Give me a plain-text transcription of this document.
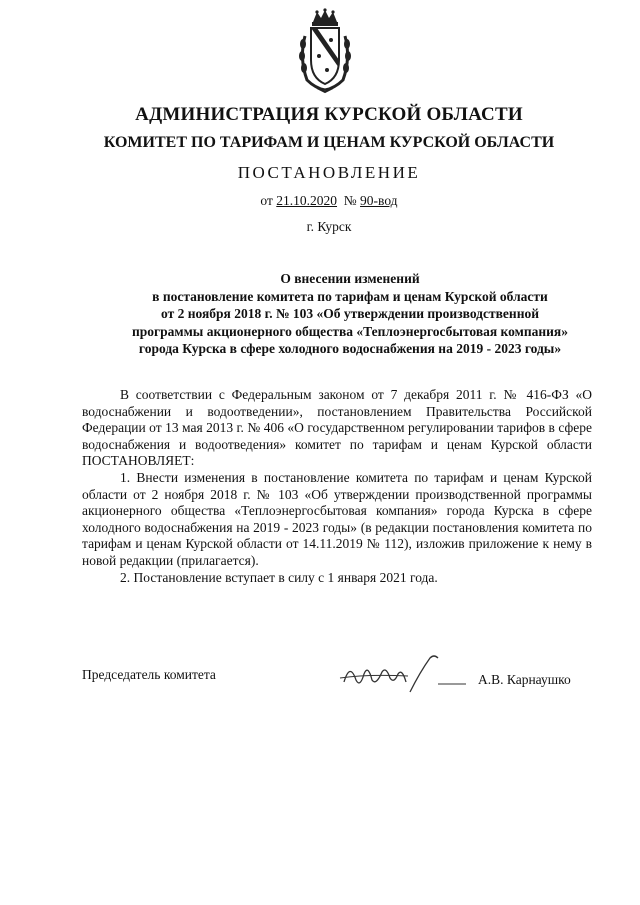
АДМИНИСТРАЦИЯ КУРСКОЙ ОБЛАСТИ
КОМИТЕТ ПО ТАРИФАМ И ЦЕНАМ КУРСКОЙ ОБЛАСТИ
ПОСТАНОВЛЕНИЕ
от 21.10.2020 № 90-вод
г. Курск
О внесении изменений
в постановление комитета по тарифам и ценам Курской области
от 2 ноября 2018 г. № 103 «Об утверждении производственной
программы акционерного общества «Теплоэнергосбытовая компания»
города Курска в сфере холодного водоснабжения на 2019 - 2023 годы»

В соответствии с Федеральным законом от 7 декабря 2011 г. № 416-ФЗ «О водоснабжении и водоотведении», постановлением Правительства Российской Федерации от 13 мая 2013 г. № 406 «О государственном регулировании тарифов в сфере водоснабжения и водоотведения» комитет по тарифам и ценам Курской области ПОСТАНОВЛЯЕТ:

1. Внести изменения в постановление комитета по тарифам и ценам Курской области от 2 ноября 2018 г. № 103 «Об утверждении производственной программы акционерного общества «Теплоэнергосбытовая компания» города Курска в сфере холодного водоснабжения на 2019 - 2023 годы» (в редакции постановления комитета по тарифам и ценам Курской области от 14.11.2019 № 112), изложив приложение к нему в новой редакции (прилагается).

2. Постановление вступает в силу с 1 января 2021 года.

Председатель комитета	А.В. Карнаушко
